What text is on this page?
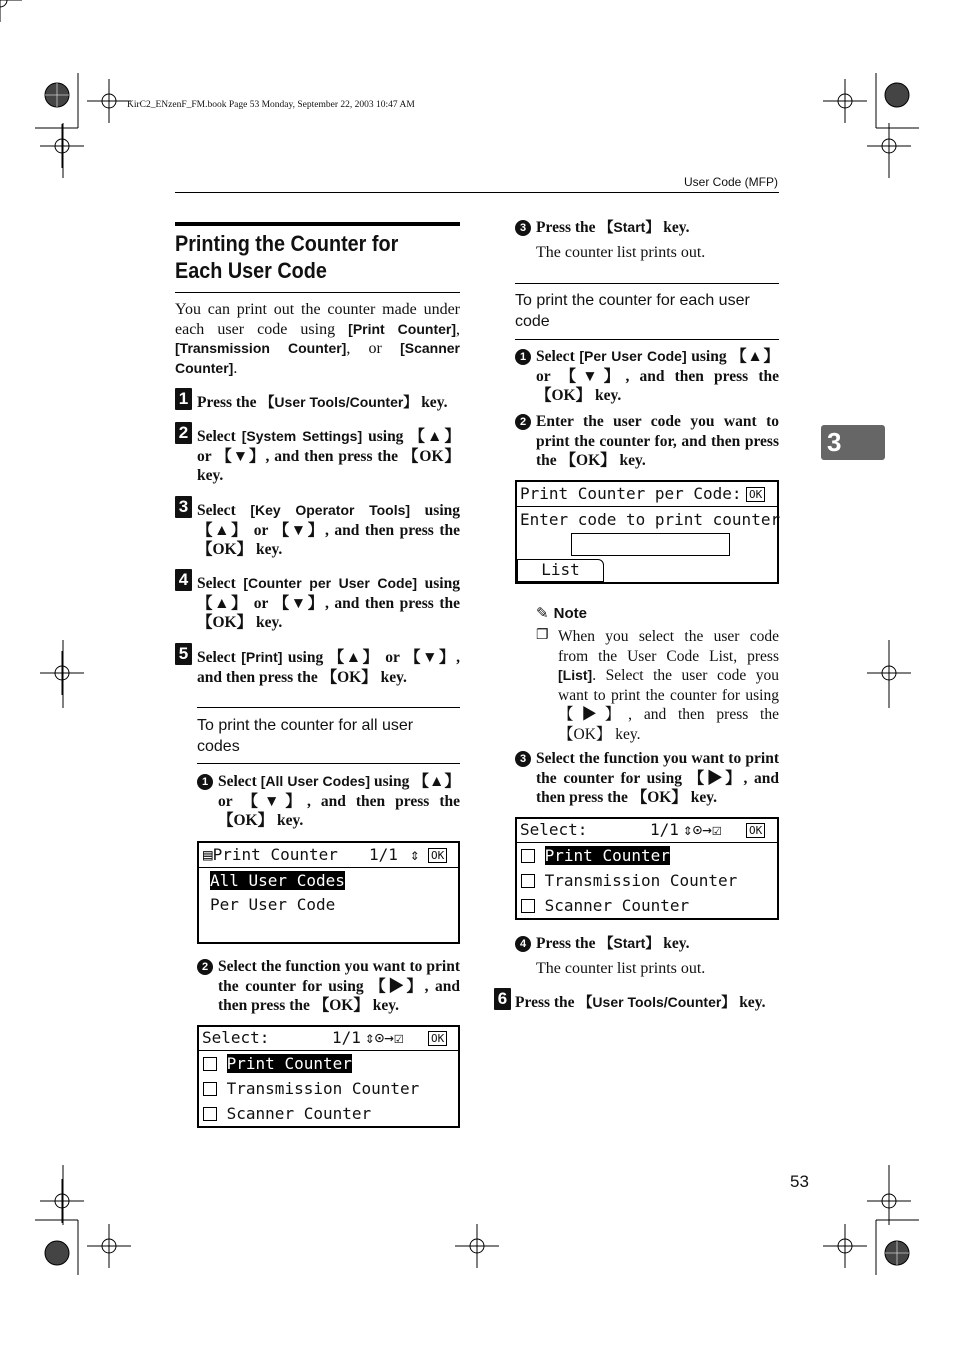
KirC2_ENzenF_FM.book Page 53 Monday, September 22, 2003 10:47 AM
User Code (MFP)
Printing the Counter for Each User Code
You can print out the counter made under each user code using [Print Counter], [Transmission Counter], or [Scanner Counter].
1 Press the 【User Tools/Counter】 key.
2 Select [System Settings] using 【▲】 or 【▼】, and then press the 【OK】 key.
3 Select [Key Operator Tools] using 【▲】 or 【▼】, and then press the 【OK】 key.
4 Select [Counter per User Code] using 【▲】 or 【▼】, and then press the 【OK】 key.
5 Select [Print] using 【▲】 or 【▼】, and then press the 【OK】 key.
To print the counter for all user codes
1 Select [All User Codes] using 【▲】 or 【▼】, and then press the 【OK】 key.
▤Print Counter 1/1 ⇕ OK
All User Codes
Per User Code
2 Select the function you want to print the counter for using 【▶】, and then press the 【OK】 key.
Select:	1/1 ⇕⊙→☑ OK
Print Counter
Transmission Counter
Scanner Counter
3 Press the 【Start】 key.
The counter list prints out.
To print the counter for each user code
1 Select [Per User Code] using 【▲】 or 【▼】, and then press the 【OK】 key.
2 Enter the user code you want to print the counter for, and then press the 【OK】 key.
Print Counter per Code: OK
Enter code to print counter
List
✎ Note
❐ When you select the user code from the User Code List, press [List]. Select the user code you want to print the counter for using 【▶】, and then press the 【OK】 key.
3 Select the function you want to print the counter for using 【▶】, and then press the 【OK】 key.
Select:	1/1 ⇕⊙→☑ OK
Print Counter
Transmission Counter
Scanner Counter
4 Press the 【Start】 key.
The counter list prints out.
6 Press the 【User Tools/Counter】 key.
3
53
